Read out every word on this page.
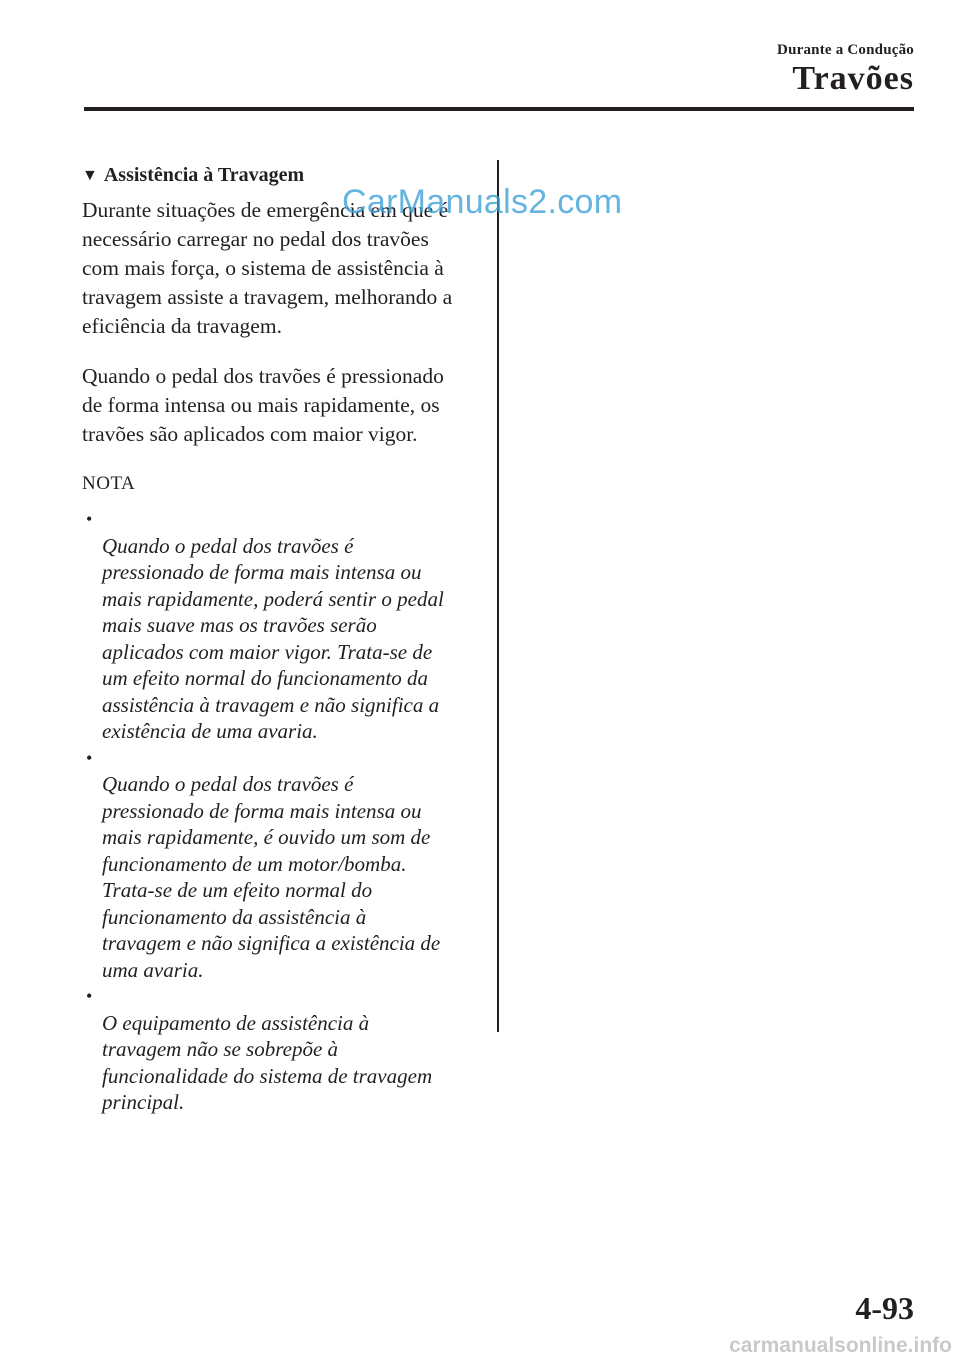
Durante a Condução
Travões
▼ Assistência à Travagem

Durante situações de emergência em que é
necessário carregar no pedal dos travões
com mais força, o sistema de assistência à
travagem assiste a travagem, melhorando a
eficiência da travagem.

Quando o pedal dos travões é pressionado
de forma intensa ou mais rapidamente, os
travões são aplicados com maior vigor.

NOTA

•
Quando o pedal dos travões é
pressionado de forma mais intensa ou
mais rapidamente, poderá sentir o pedal
mais suave mas os travões serão
aplicados com maior vigor. Trata-se de
um efeito normal do funcionamento da
assistência à travagem e não significa a
existência de uma avaria.

•
Quando o pedal dos travões é
pressionado de forma mais intensa ou
mais rapidamente, é ouvido um som de
funcionamento de um motor/bomba.
Trata-se de um efeito normal do
funcionamento da assistência à
travagem e não significa a existência de
uma avaria.

•
O equipamento de assistência à
travagem não se sobrepõe à
funcionalidade do sistema de travagem
principal.

CarManuals2.com
4-93
carmanualsonline.info
